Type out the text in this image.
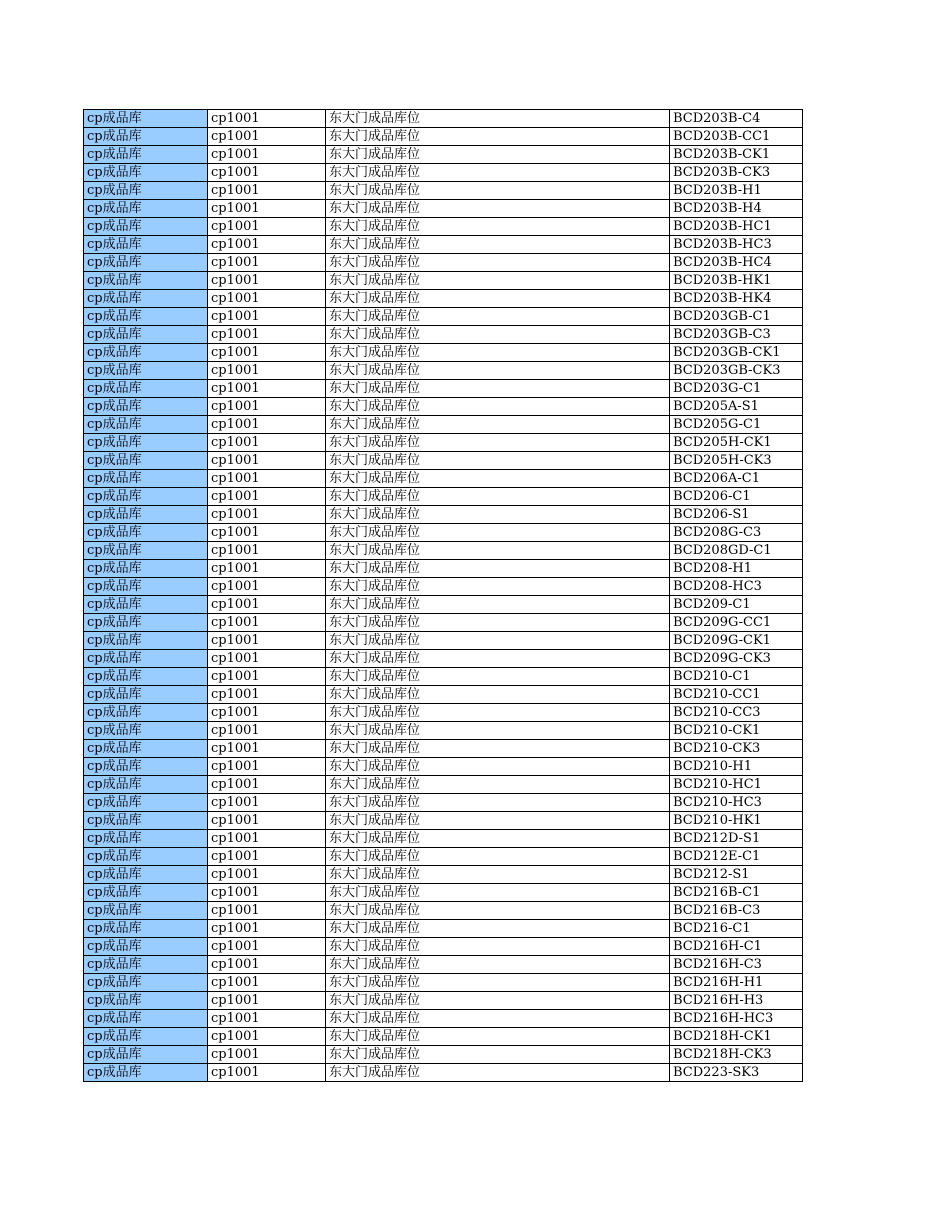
cp成品库	cp1001	东大门成品库位	BCD203B-C4
cp成品库	cp1001	东大门成品库位	BCD203B-CC1
cp成品库	cp1001	东大门成品库位	BCD203B-CK1
cp成品库	cp1001	东大门成品库位	BCD203B-CK3
cp成品库	cp1001	东大门成品库位	BCD203B-H1
cp成品库	cp1001	东大门成品库位	BCD203B-H4
cp成品库	cp1001	东大门成品库位	BCD203B-HC1
cp成品库	cp1001	东大门成品库位	BCD203B-HC3
cp成品库	cp1001	东大门成品库位	BCD203B-HC4
cp成品库	cp1001	东大门成品库位	BCD203B-HK1
cp成品库	cp1001	东大门成品库位	BCD203B-HK4
cp成品库	cp1001	东大门成品库位	BCD203GB-C1
cp成品库	cp1001	东大门成品库位	BCD203GB-C3
cp成品库	cp1001	东大门成品库位	BCD203GB-CK1
cp成品库	cp1001	东大门成品库位	BCD203GB-CK3
cp成品库	cp1001	东大门成品库位	BCD203G-C1
cp成品库	cp1001	东大门成品库位	BCD205A-S1
cp成品库	cp1001	东大门成品库位	BCD205G-C1
cp成品库	cp1001	东大门成品库位	BCD205H-CK1
cp成品库	cp1001	东大门成品库位	BCD205H-CK3
cp成品库	cp1001	东大门成品库位	BCD206A-C1
cp成品库	cp1001	东大门成品库位	BCD206-C1
cp成品库	cp1001	东大门成品库位	BCD206-S1
cp成品库	cp1001	东大门成品库位	BCD208G-C3
cp成品库	cp1001	东大门成品库位	BCD208GD-C1
cp成品库	cp1001	东大门成品库位	BCD208-H1
cp成品库	cp1001	东大门成品库位	BCD208-HC3
cp成品库	cp1001	东大门成品库位	BCD209-C1
cp成品库	cp1001	东大门成品库位	BCD209G-CC1
cp成品库	cp1001	东大门成品库位	BCD209G-CK1
cp成品库	cp1001	东大门成品库位	BCD209G-CK3
cp成品库	cp1001	东大门成品库位	BCD210-C1
cp成品库	cp1001	东大门成品库位	BCD210-CC1
cp成品库	cp1001	东大门成品库位	BCD210-CC3
cp成品库	cp1001	东大门成品库位	BCD210-CK1
cp成品库	cp1001	东大门成品库位	BCD210-CK3
cp成品库	cp1001	东大门成品库位	BCD210-H1
cp成品库	cp1001	东大门成品库位	BCD210-HC1
cp成品库	cp1001	东大门成品库位	BCD210-HC3
cp成品库	cp1001	东大门成品库位	BCD210-HK1
cp成品库	cp1001	东大门成品库位	BCD212D-S1
cp成品库	cp1001	东大门成品库位	BCD212E-C1
cp成品库	cp1001	东大门成品库位	BCD212-S1
cp成品库	cp1001	东大门成品库位	BCD216B-C1
cp成品库	cp1001	东大门成品库位	BCD216B-C3
cp成品库	cp1001	东大门成品库位	BCD216-C1
cp成品库	cp1001	东大门成品库位	BCD216H-C1
cp成品库	cp1001	东大门成品库位	BCD216H-C3
cp成品库	cp1001	东大门成品库位	BCD216H-H1
cp成品库	cp1001	东大门成品库位	BCD216H-H3
cp成品库	cp1001	东大门成品库位	BCD216H-HC3
cp成品库	cp1001	东大门成品库位	BCD218H-CK1
cp成品库	cp1001	东大门成品库位	BCD218H-CK3
cp成品库	cp1001	东大门成品库位	BCD223-SK3
